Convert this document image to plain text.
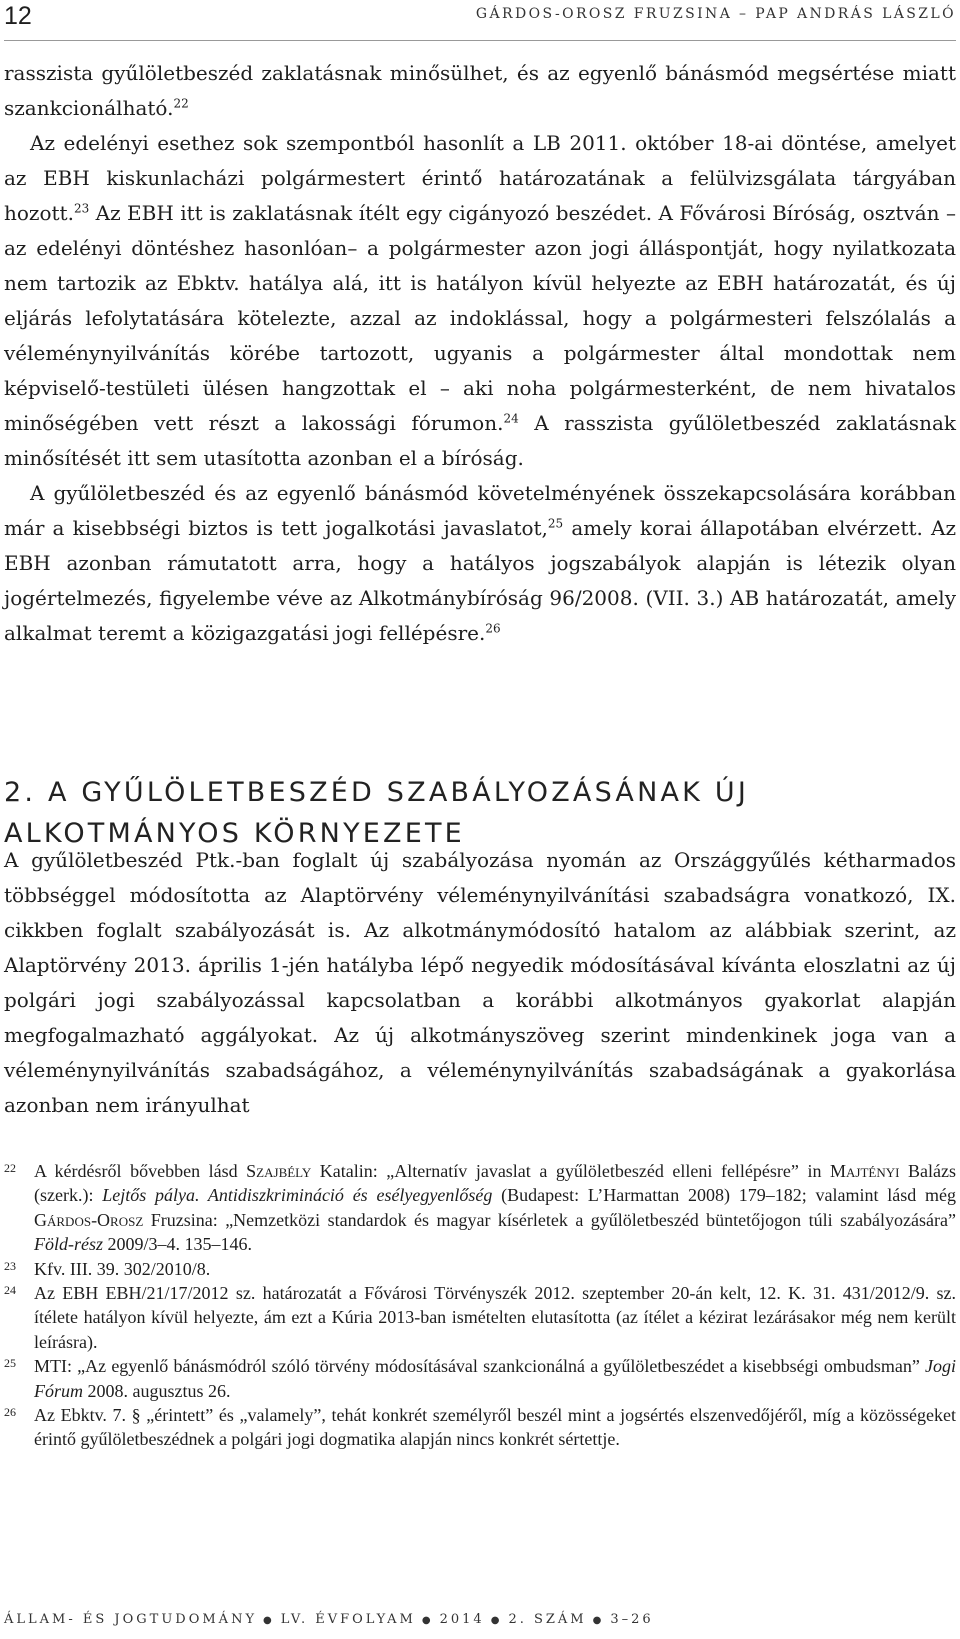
12	GÁRDOS-OROSZ FRUZSINA – PAP ANDRÁS LÁSZLÓ

rasszista gyűlöletbeszéd zaklatásnak minősülhet, és az egyenlő bánásmód megsértése miatt szankcionálható.$^{22}$

Az edelényi esethez sok szempontból hasonlít a LB 2011. október 18-ai döntése, amelyet az EBH kiskunlacházi polgármestert érintő határozatának a felülvizsgálata tárgyában hozott.$^{23}$ Az EBH itt is zaklatásnak ítélt egy cigányozó beszédet. A Fővárosi Bíróság, osztván – az edelényi döntéshez hasonlóan– a polgármester azon jogi álláspontját, hogy nyilatkozata nem tartozik az Ebktv. hatálya alá, itt is hatályon kívül helyezte az EBH határozatát, és új eljárás lefolytatására kötelezte, azzal az indoklással, hogy a polgármesteri felszólalás a véleménynyilvánítás körébe tartozott, ugyanis a polgármester által mondottak nem képviselő-testületi ülésen hangzottak el – aki noha polgármesterként, de nem hivatalos minőségében vett részt a lakossági fórumon.$^{24}$ A rasszista gyűlöletbeszéd zaklatásnak minősítését itt sem utasította azonban el a bíróság.

A gyűlöletbeszéd és az egyenlő bánásmód követelményének összekapcsolására korábban már a kisebbségi biztos is tett jogalkotási javaslatot,$^{25}$ amely korai állapotában elvérzett. Az EBH azonban rámutatott arra, hogy a hatályos jogszabályok alapján is létezik olyan jogértelmezés, figyelembe véve az Alkotmánybíróság 96/2008. (VII. 3.) AB határozatát, amely alkalmat teremt a közigazgatási jogi fellépésre.$^{26}$

2. A GYŰLÖLETBESZÉD SZABÁLYOZÁSÁNAK ÚJ
ALKOTMÁNYOS KÖRNYEZETE

A gyűlöletbeszéd Ptk.-ban foglalt új szabályozása nyomán az Országgyűlés kétharmados többséggel módosította az Alaptörvény véleménynyilvánítási szabadságra vonatkozó, IX. cikkben foglalt szabályozását is. Az alkotmánymódosító hatalom az alábbiak szerint, az Alaptörvény 2013. április 1-jén hatályba lépő negyedik módosításával kívánta eloszlatni az új polgári jogi szabályozással kapcsolatban a korábbi alkotmányos gyakorlat alapján megfogalmazható aggályokat. Az új alkotmányszöveg szerint mindenkinek joga van a véleménynyilvánítás szabadságához, a véleménynyilvánítás szabadságának a gyakorlása azonban nem irányulhat

22 A kérdésről bővebben lásd Szajbély Katalin: „Alternatív javaslat a gyűlöletbeszéd elleni fellépésre” in Majtényi Balázs (szerk.): Lejtős pálya. Antidiszkrimináció és esélyegyenlőség (Budapest: L’Harmattan 2008) 179–182; valamint lásd még Gárdos-Orosz Fruzsina: „Nemzetközi standardok és magyar kísérletek a gyűlöletbeszéd büntetőjogon túli szabályozására” Föld-rész 2009/3–4. 135–146.

23 Kfv. III. 39. 302/2010/8.

24 Az EBH EBH/21/17/2012 sz. határozatát a Fővárosi Törvényszék 2012. szeptember 20-án kelt, 12. K. 31. 431/2012/9. sz. ítélete hatályon kívül helyezte, ám ezt a Kúria 2013-ban ismételten elutasította (az ítélet a kézirat lezárásakor még nem került leírásra).

25 MTI: „Az egyenlő bánásmódról szóló törvény módosításával szankcionálná a gyűlöletbeszédet a kisebbségi ombudsman” Jogi Fórum 2008. augusztus 26.

26 Az Ebktv. 7. § „érintett” és „valamely”, tehát konkrét személyről beszél mint a jogsértés elszenvedőjéről, míg a közösségeket érintő gyűlöletbeszédnek a polgári jogi dogmatika alapján nincs konkrét sértettje.

ÁLLAM- ÉS JOGTUDOMÁNY ● LV. ÉVFOLYAM ● 2014 ● 2. SZÁM ● 3–26
